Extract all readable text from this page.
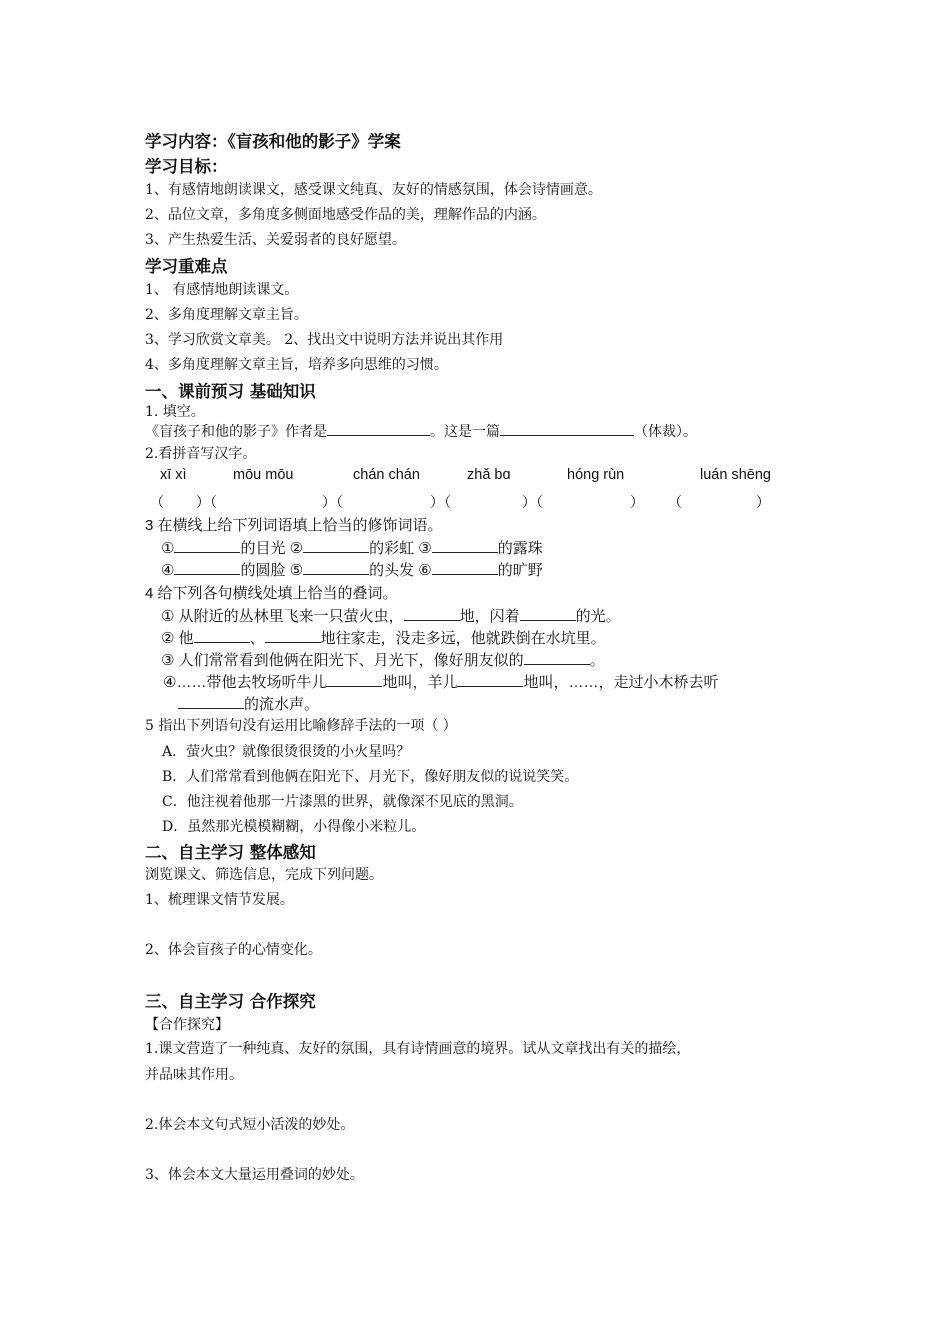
学习内容：《盲孩和他的影子》学案
学习目标：
1、有感情地朗读课文，感受课文纯真、友好的情感氛围，体会诗情画意。
2、品位文章，多角度多侧面地感受作品的美，理解作品的内涵。
3、产生热爱生活、关爱弱者的良好愿望。
学习重难点
1、 有感情地朗读课文。
2、多角度理解文章主旨。
3、学习欣赏文章美。 2、找出文中说明方法并说出其作用
4、多角度理解文章主旨，培养多向思维的习惯。
一、课前预习 基础知识
1. 填空。
《盲孩子和他的影子》作者是	。这是一篇	（体裁）。
2.看拼音写汉字。
xī xì	mōu mōu	chán chán	zhǎ bɑ	hóng rùn	luán shēng
（ ）（	）（	）（	）（	） （	）
3 在横线上给下列词语填上恰当的修饰词语。
①	的目光 ②	的彩虹 ③	的露珠
④	的圆脸 ⑤	的头发 ⑥	的旷野
4 给下列各句横线处填上恰当的叠词。
① 从附近的丛林里飞来一只萤火虫，	地，闪着	的光。
② 他	、	地往家走，没走多远，他就跌倒在水坑里。
③ 人们常常看到他俩在阳光下、月光下，像好朋友似的	。
④……带他去牧场听牛儿	地叫，羊儿	地叫，……，走过小木桥去听
的流水声。
5 指出下列语句没有运用比喻修辞手法的一项（ ）
A．萤火虫？就像很烫很烫的小火星吗？
B．人们常常看到他俩在阳光下、月光下，像好朋友似的说说笑笑。
C．他注视着他那一片漆黑的世界，就像深不见底的黑洞。
D．虽然那光模模糊糊，小得像小米粒儿。
二、自主学习 整体感知
浏览课文、筛选信息，完成下列问题。
1、梳理课文情节发展。
2、体会盲孩子的心情变化。
三、自主学习 合作探究
【合作探究】
1.课文营造了一种纯真、友好的氛围，具有诗情画意的境界。试从文章找出有关的描绘，
并品味其作用。
2.体会本文句式短小活泼的妙处。
3、体会本文大量运用叠词的妙处。
